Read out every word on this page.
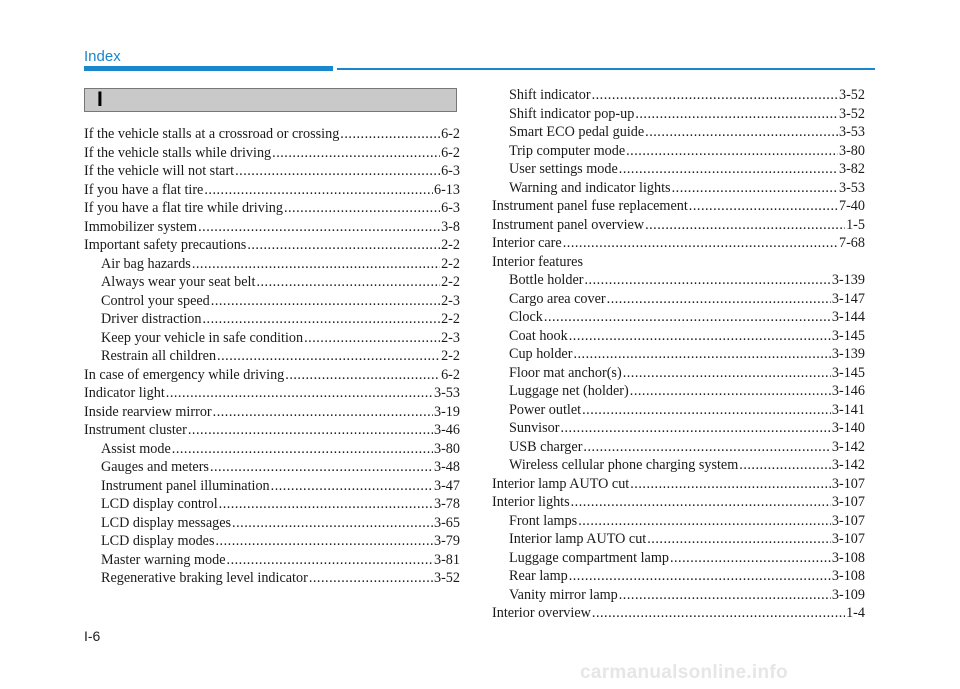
Index
I
If the vehicle stalls at a crossroad or crossing .....	6-2
If the vehicle stalls while driving .....	6-2
If the vehicle will not start .....	6-3
If you have a flat tire .....	6-13
If you have a flat tire while driving .....	6-3
Immobilizer system .....	3-8
Important safety precautions .....	2-2
Air bag hazards .....	2-2
Always wear your seat belt .....	2-2
Control your speed .....	2-3
Driver distraction .....	2-2
Keep your vehicle in safe condition .....	2-3
Restrain all children .....	2-2
In case of emergency while driving .....	6-2
Indicator light .....	3-53
Inside rearview mirror .....	3-19
Instrument cluster .....	3-46
Assist mode .....	3-80
Gauges and meters .....	3-48
Instrument panel illumination .....	3-47
LCD display control .....	3-78
LCD display messages .....	3-65
LCD display modes .....	3-79
Master warning mode .....	3-81
Regenerative braking level indicator .....	3-52
Shift indicator .....	3-52
Shift indicator pop-up .....	3-52
Smart ECO pedal guide .....	3-53
Trip computer mode .....	3-80
User settings mode .....	3-82
Warning and indicator lights .....	3-53
Instrument panel fuse replacement .....	7-40
Instrument panel overview .....	1-5
Interior care .....	7-68
Interior features
Bottle holder .....	3-139
Cargo area cover .....	3-147
Clock .....	3-144
Coat hook .....	3-145
Cup holder .....	3-139
Floor mat anchor(s) .....	3-145
Luggage net (holder) .....	3-146
Power outlet .....	3-141
Sunvisor .....	3-140
USB charger .....	3-142
Wireless cellular phone charging system .....	3-142
Interior lamp AUTO cut .....	3-107
Interior lights .....	3-107
Front lamps .....	3-107
Interior lamp AUTO cut .....	3-107
Luggage compartment lamp .....	3-108
Rear lamp .....	3-108
Vanity mirror lamp .....	3-109
Interior overview .....	1-4
I-6
carmanualsonline.info
